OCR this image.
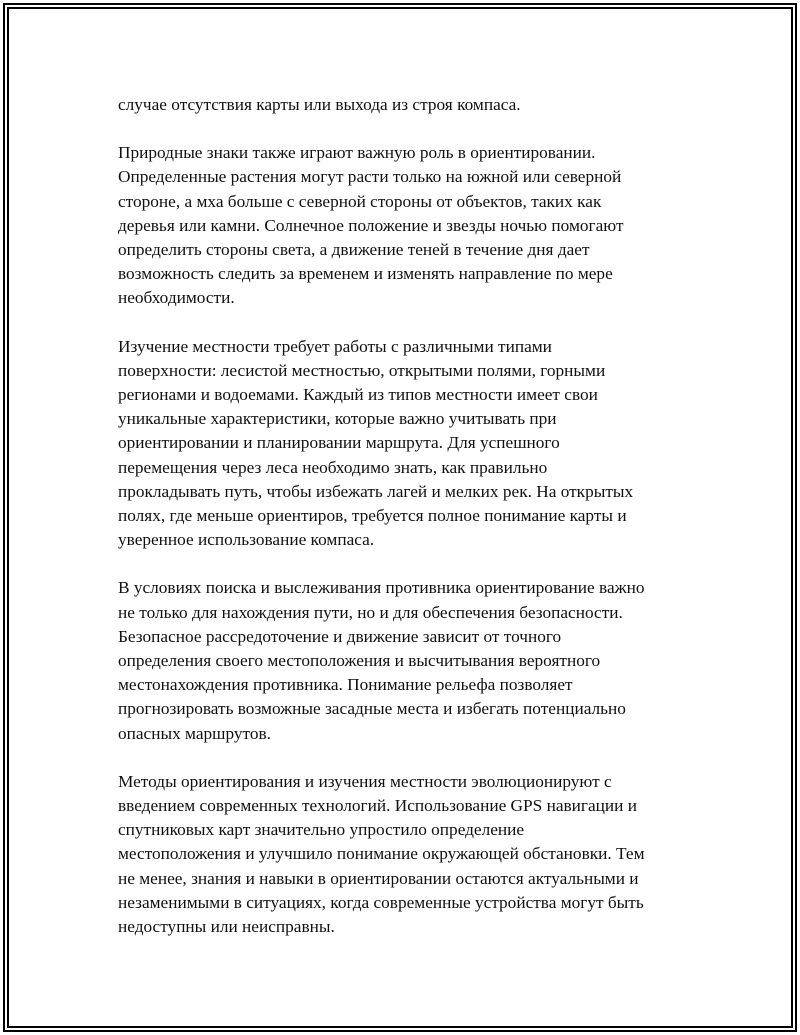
случае отсутствия карты или выхода из строя компаса.
Природные знаки также играют важную роль в ориентировании.
Определенные растения могут расти только на южной или северной
стороне, а мха больше с северной стороны от объектов, таких как
деревья или камни. Солнечное положение и звезды ночью помогают
определить стороны света, а движение теней в течение дня дает
возможность следить за временем и изменять направление по мере
необходимости.
Изучение местности требует работы с различными типами
поверхности: лесистой местностью, открытыми полями, горными
регионами и водоемами. Каждый из типов местности имеет свои
уникальные характеристики, которые важно учитывать при
ориентировании и планировании маршрута. Для успешного
перемещения через леса необходимо знать, как правильно
прокладывать путь, чтобы избежать лагей и мелких рек. На открытых
полях, где меньше ориентиров, требуется полное понимание карты и
уверенное использование компаса.
В условиях поиска и выслеживания противника ориентирование важно
не только для нахождения пути, но и для обеспечения безопасности.
Безопасное рассредоточение и движение зависит от точного
определения своего местоположения и высчитывания вероятного
местонахождения противника. Понимание рельефа позволяет
прогнозировать возможные засадные места и избегать потенциально
опасных маршрутов.
Методы ориентирования и изучения местности эволюционируют с
введением современных технологий. Использование GPS навигации и
спутниковых карт значительно упростило определение
местоположения и улучшило понимание окружающей обстановки. Тем
не менее, знания и навыки в ориентировании остаются актуальными и
незаменимыми в ситуациях, когда современные устройства могут быть
недоступны или неисправны.
